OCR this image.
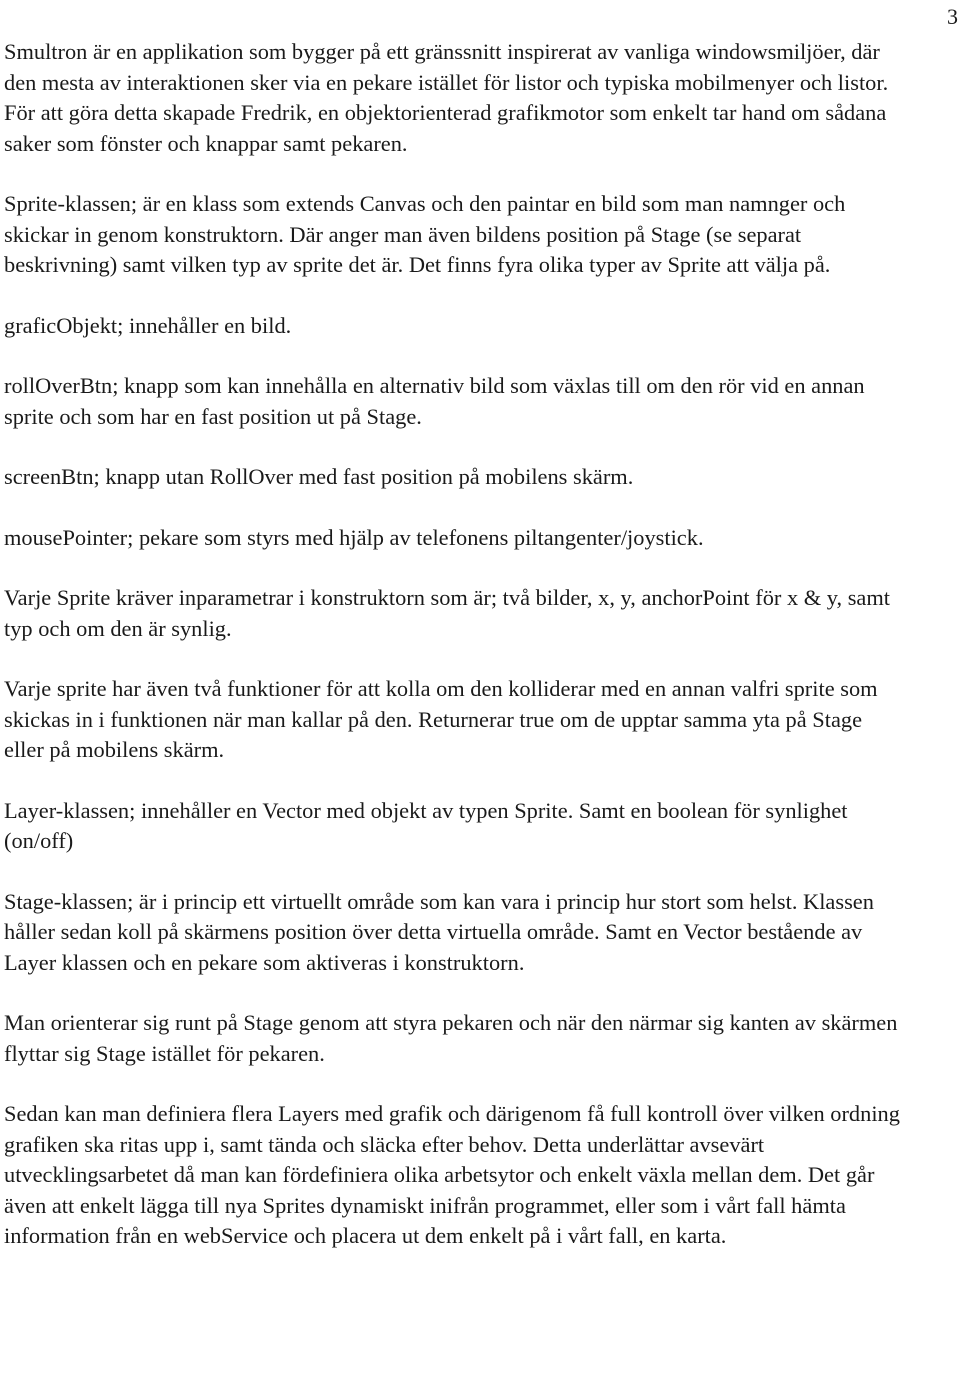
3

Smultron är en applikation som bygger på ett gränssnitt inspirerat av vanliga windowsmiljöer, där den mesta av interaktionen sker via en pekare istället för listor och typiska mobilmenyer och listor. För att göra detta skapade Fredrik, en objektorienterad grafikmotor som enkelt tar hand om sådana saker som fönster och knappar samt pekaren.

Sprite-klassen; är en klass som extends Canvas och den paintar en bild som man namnger och skickar in genom konstruktorn. Där anger man även bildens position på Stage (se separat beskrivning) samt vilken typ av sprite det är. Det finns fyra olika typer av Sprite att välja på.

graficObjekt; innehåller en bild.

rollOverBtn; knapp som kan innehålla en alternativ bild som växlas till om den rör vid en annan sprite och som har en fast position ut på Stage.

screenBtn; knapp utan RollOver med fast position på mobilens skärm.

mousePointer; pekare som styrs med hjälp av telefonens piltangenter/joystick.

Varje Sprite kräver inparametrar i konstruktorn som är; två bilder, x, y, anchorPoint för x & y, samt typ och om den är synlig.

Varje sprite har även två funktioner för att kolla om den kolliderar med en annan valfri sprite som skickas in i funktionen när man kallar på den. Returnerar true om de upptar samma yta på Stage eller på mobilens skärm.

Layer-klassen; innehåller en Vector med objekt av typen Sprite. Samt en boolean för synlighet (on/off)

Stage-klassen; är i princip ett virtuellt område som kan vara i princip hur stort som helst. Klassen håller sedan koll på skärmens position över detta virtuella område. Samt en Vector bestående av Layer klassen och en pekare som aktiveras i konstruktorn.

Man orienterar sig runt på Stage genom att styra pekaren och när den närmar sig kanten av skärmen flyttar sig Stage istället för pekaren.

Sedan kan man definiera flera Layers med grafik och därigenom få full kontroll över vilken ordning grafiken ska ritas upp i, samt tända och släcka efter behov. Detta underlättar avsevärt utvecklingsarbetet då man kan fördefiniera olika arbetsytor och enkelt växla mellan dem. Det går även att enkelt lägga till nya Sprites dynamiskt inifrån programmet, eller som i vårt fall hämta information från en webService och placera ut dem enkelt på i vårt fall, en karta.
